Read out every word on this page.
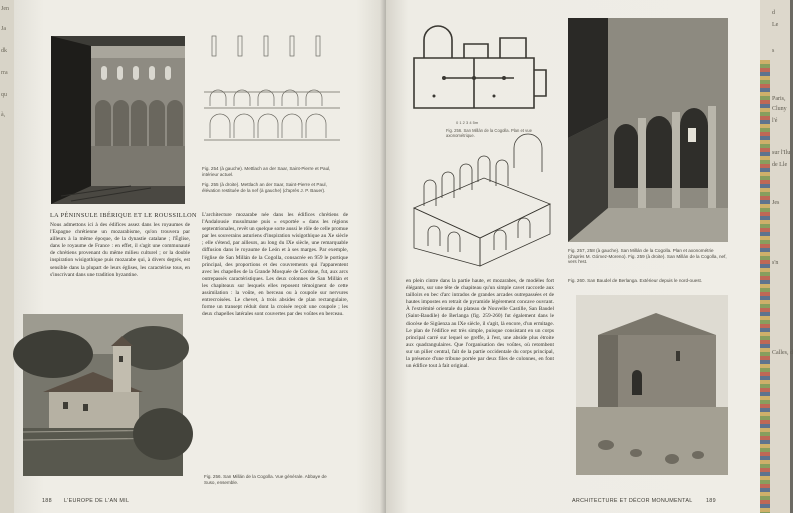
Jen
Ja
dk
rra
qu
à,
Fig. 254 (à gauche). Mettlach an der Saar, Saint-Pierre et Paul, intérieur actuel.
Fig. 255 (à droite). Mettlach an der Saar, Saint-Pierre et Paul, élévation restituée de la nef (à gauche) (d'après J. P. Bauer).
LA PÉNINSULE IBÉRIQUE ET LE ROUSSILLON
Nous admettons ici à des édifices assez dans les royaumes de l'Espagne chrétienne un mozarabisme, qu'on trouvera par ailleurs à la même époque, de la dynastie catalane ; l'Église, dans le royaume de France : en effet, il s'agit une communauté de chrétiens provenant du même milieu culturel ; or la double inspiration wisigothique puis mozarabe qui, à divers degrés, est sensible dans la plupart de leurs églises, les caractérise tous, en s'inscrivant dans une tradition byzantine.
L'architecture mozarabe née dans les édifices chrétiens de l'Andalousie musulmane puis « exportée » dans les régions septentrionales, revêt un quelque sorte aussi le rôle de celle promue par les souverains asturiens d'inspiration wisigothique au Xe siècle ; elle s'étend, par ailleurs, au long du IXe siècle, une remarquable diffusion dans le royaume de León et à ses marges. Par exemple, l'église de San Millán de la Cogolla, consacrée en 959 le portique principal, des proportions et des couvrements qui l'apparentent avec les chapelles de la Grande Mosquée de Cordoue, fut, aux arcs outrepassés caractéristiques. Les deux colonnes de San Millán et les chapiteaux sur lesquels elles reposent témoignent de cette assimilation : la voûte, en berceau ou à coupole sur nervures entrecroisées. Le chevet, à trois absides de plan rectangulaire, forme un transept réduit dont la croisée reçoit une coupole ; les deux chapelles latérales sont couvertes par des voûtes en berceau.
Fig. 256. San Millán de la Cogolla. Vue générale. Abbaye de Suso, ensemble.
188 L'EUROPE DE L'AN MIL
0 1 2 3 4 5m
Fig. 257, 258 (à gauche). San Millán de la Cogolla. Plan et axonométrie (d'après M. Gómez-Moreno). Fig. 259 (à droite). San Millán de la Cogolla, nef, vers l'est.
Fig. 260. San Baudel de Berlanga. Extérieur depuis le nord-ouest.
en plein cintre dans la partie haute, et mozarabes, de modèles fort élégants, sur une tête de chapiteau qu'un simple cavet raccorde aux tailloirs en bec d'arc intrados de grandes arcades outrepassées et de hautes impostes en retrait de pyramide légèrement concave ouvrant. À l'extrémité orientale du plateau de Nouvelle Castille, San Baudel (Saint-Baudile) de Berlanga (fig. 259-260) fut également dans le diocèse de Sigüenza au IXe siècle, il s'agit, là encore, d'un ermitage. Le plan de l'édifice est très simple, puisque consistant en un corps principal carré sur lequel se greffe, à l'est, une abside plus étroite aux quadrangulaires. Que l'organisation des voûtes, où retombent sur un pilier central, fait de la partie occidentale du corps principal, la présence d'une tribune portée par deux files de colonnes, en font un édifice tout à fait original.
Fig. 256. San Millán de la Cogolla. Plan et vue axonométrique.
ARCHITECTURE ET DÉCOR MONUMENTAL 189
d
Le
s
Paris,
Cluny
l'é
sur l'Ilu
de Lle
Jes
s'n
Calles, d
